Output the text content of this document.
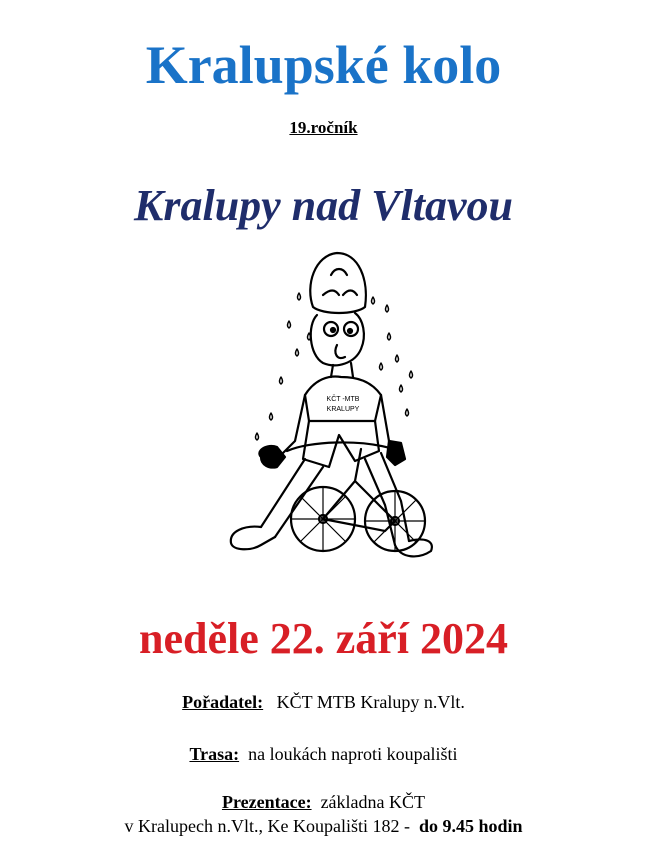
Kralupské kolo
19.ročník
Kralupy nad Vltavou
KČT -MTB
KRALUPY
neděle 22. září 2024
Pořadatel: KČT MTB Kralupy n.Vlt.
Trasa: na loukách naproti koupališti
Prezentace: základna KČT
v Kralupech n.Vlt., Ke Koupališti 182 - do 9.45 hodin
